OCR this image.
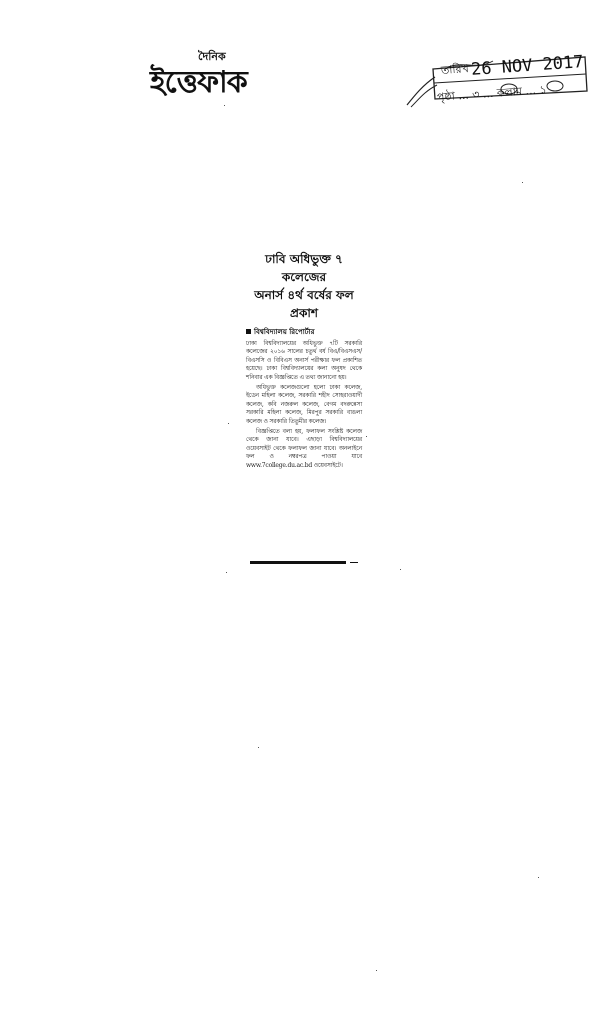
দৈনিক
ইত্তেফাক	তারিখ 26 NOV 2017
পৃষ্ঠা ... ৩ ... কলাম ... ১
ঢাবি অধিভুক্ত ৭ কলেজের
অনার্স ৪র্থ বর্ষের ফল
প্রকাশ
বিশ্ববিদ্যালয় রিপোর্টার

ঢাকা বিশ্ববিদ্যালয়ের অধিভুক্ত ৭টি সরকারি কলেজের ২০১৬ সালের চতুর্থ বর্ষ বিএ/বিএসএস/বিএসসি ও বিবিএস অনার্স পরীক্ষার ফল প্রকাশিত হয়েছে। ঢাকা বিশ্ববিদ্যালয়ের কলা অনুষদ থেকে শনিবার এক বিজ্ঞপ্তিতে এ তথ্য জানানো হয়।

অধিভুক্ত কলেজগুলো হলো ঢাকা কলেজ, ইডেন মহিলা কলেজ, সরকারি শহীদ সোহরাওয়ার্দী কলেজ, কবি নজরুল কলেজ, বেগম বদরুন্নেসা সরকারি মহিলা কলেজ, মিরপুর সরকারি বাঙলা কলেজ ও সরকারি তিতুমীর কলেজ।

বিজ্ঞপ্তিতে বলা হয়, ফলাফল সংশ্লিষ্ট কলেজ থেকে জানা যাবে। এছাড়া বিশ্ববিদ্যালয়ের ওয়েবসাইট থেকে ফলাফল জানা যাবে। অনলাইনে ফল ও নম্বরপত্র পাওয়া যাবে www.7college.du.ac.bd ওয়েবসাইটে।
